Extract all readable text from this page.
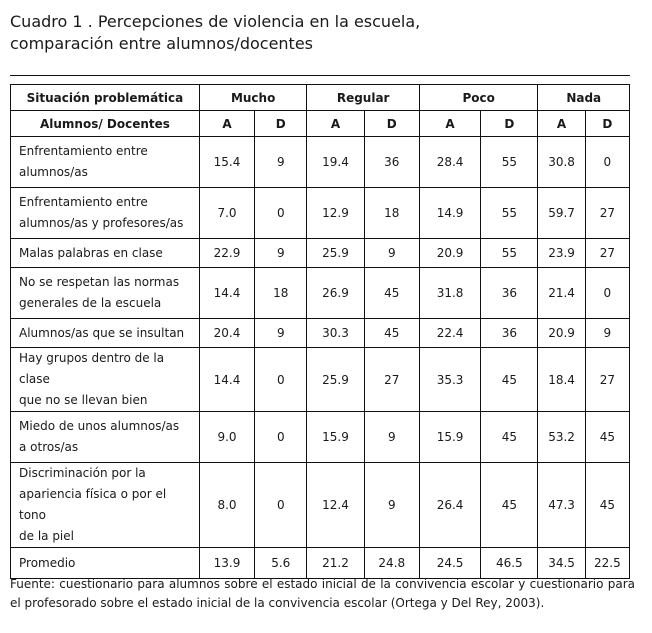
Cuadro 1 . Percepciones de violencia en la escuela,
comparación entre alumnos/docentes
Situación problemática	Mucho		Regular		Poco		Nada	
Alumnos/ Docentes	A	D	A	D	A	D	A	D

Enfrentamiento entre
alumnos/as	15.4	9	19.4	36	28.4	55	30.8	0

Enfrentamiento entre
alumnos/as y profesores/as	7.0	0	12.9	18	14.9	55	59.7	27

Malas palabras en clase	22.9	9	25.9	9	20.9	55	23.9	27

No se respetan las normas
generales de la escuela	14.4	18	26.9	45	31.8	36	21.4	0

Alumnos/as que se insultan	20.4	9	30.3	45	22.4	36	20.9	9

Hay grupos dentro de la clase
que no se llevan bien	14.4	0	25.9	27	35.3	45	18.4	27

Miedo de unos alumnos/as
a otros/as	9.0	0	15.9	9	15.9	45	53.2	45

Discriminación por la
apariencia física o por el tono
de la piel	8.0	0	12.4	9	26.4	45	47.3	45

Promedio	13.9	5.6	21.2	24.8	24.5	46.5	34.5	22.5
Fuente: cuestionario para alumnos sobre el estado inicial de la convivencia escolar y cuestionario para el profesorado sobre el estado inicial de la convivencia escolar (Ortega y Del Rey, 2003).
